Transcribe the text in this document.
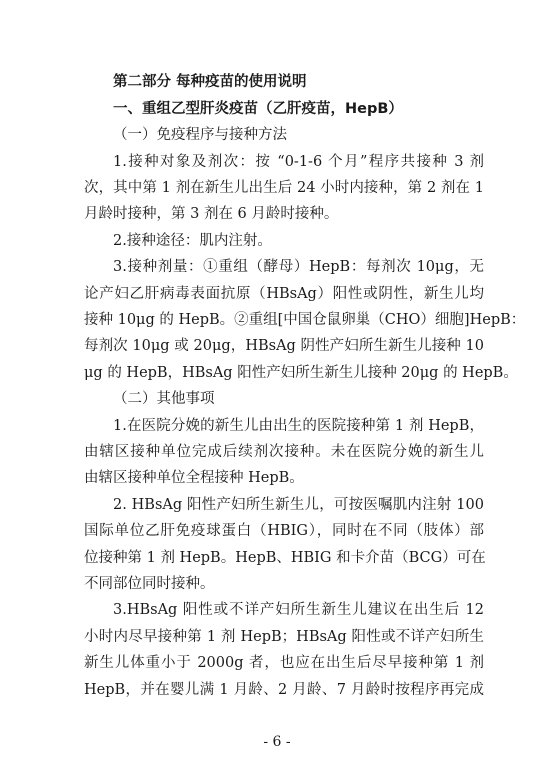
第二部分 每种疫苗的使用说明
一、重组乙型肝炎疫苗（乙肝疫苗，HepB）
（一）免疫程序与接种方法
1.接种对象及剂次：按 “0-1-6 个月”程序共接种 3 剂
次，其中第 1 剂在新生儿出生后 24 小时内接种，第 2 剂在 1
月龄时接种，第 3 剂在 6 月龄时接种。
2.接种途径：肌内注射。
3.接种剂量：①重组（酵母）HepB：每剂次 10μg，无
论产妇乙肝病毒表面抗原（HBsAg）阳性或阴性，新生儿均
接种 10μg 的 HepB。②重组[中国仓鼠卵巢（CHO）细胞]HepB：
每剂次 10μg 或 20μg，HBsAg 阴性产妇所生新生儿接种 10
μg 的 HepB，HBsAg 阳性产妇所生新生儿接种 20μg 的 HepB。
（二）其他事项
1.在医院分娩的新生儿由出生的医院接种第 1 剂 HepB，
由辖区接种单位完成后续剂次接种。未在医院分娩的新生儿
由辖区接种单位全程接种 HepB。
2. HBsAg 阳性产妇所生新生儿，可按医嘱肌内注射 100
国际单位乙肝免疫球蛋白（HBIG），同时在不同（肢体）部
位接种第 1 剂 HepB。HepB、HBIG 和卡介苗（BCG）可在
不同部位同时接种。
3.HBsAg 阳性或不详产妇所生新生儿建议在出生后 12
小时内尽早接种第 1 剂 HepB；HBsAg 阳性或不详产妇所生
新生儿体重小于 2000g 者，也应在出生后尽早接种第 1 剂
HepB，并在婴儿满 1 月龄、2 月龄、7 月龄时按程序再完成
- 6 -
